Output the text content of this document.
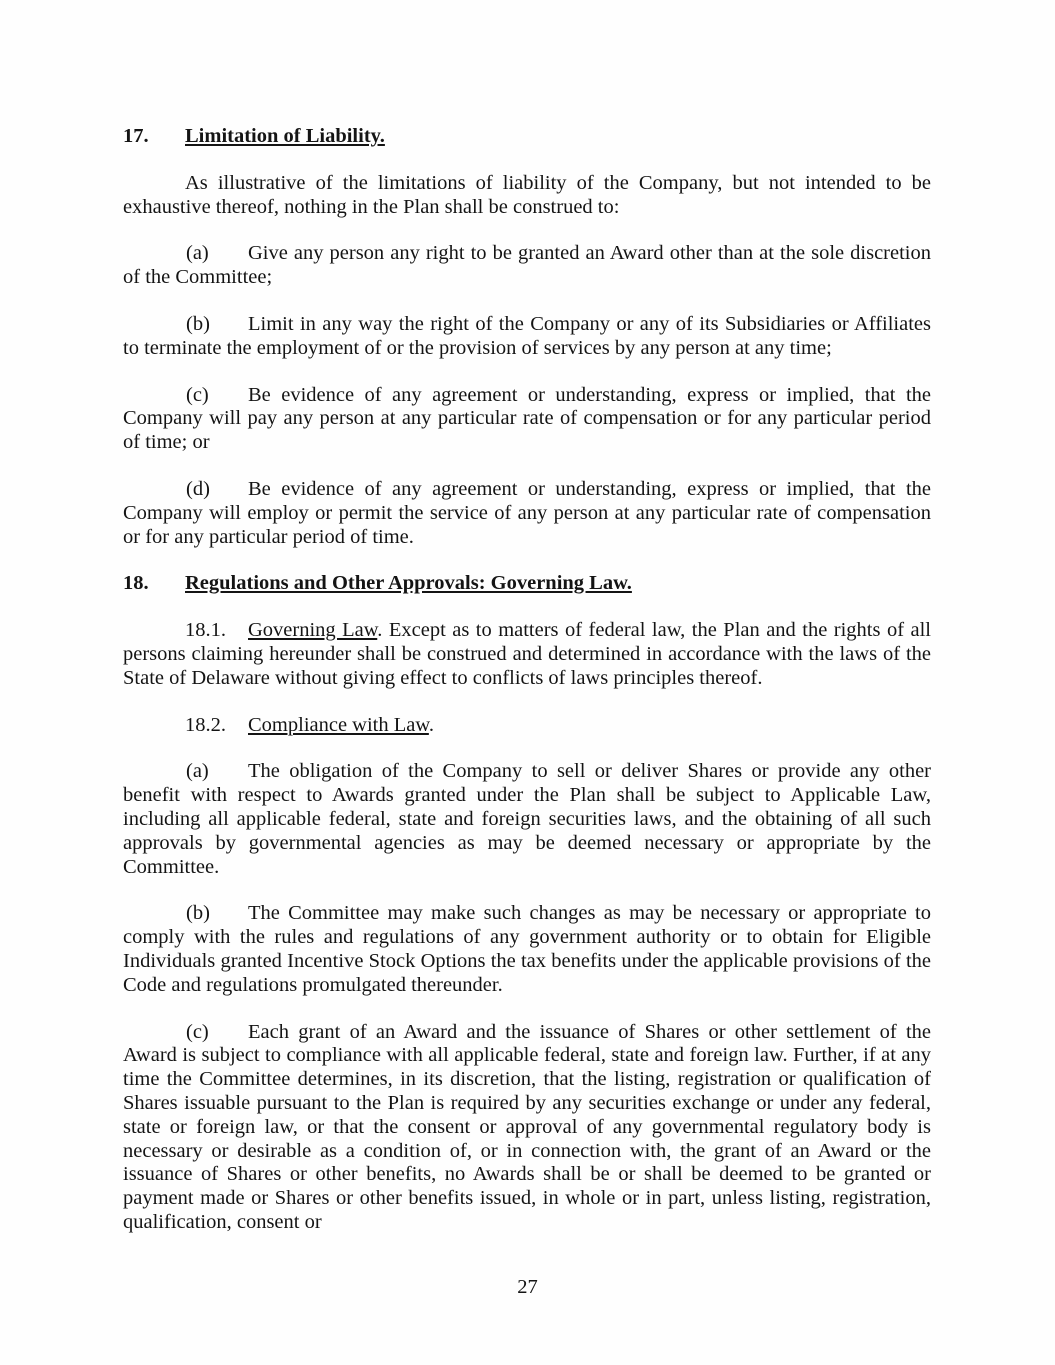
17. Limitation of Liability.

As illustrative of the limitations of liability of the Company, but not intended to be exhaustive thereof, nothing in the Plan shall be construed to:

(a) Give any person any right to be granted an Award other than at the sole discretion of the Committee;

(b) Limit in any way the right of the Company or any of its Subsidiaries or Affiliates to terminate the employment of or the provision of services by any person at any time;

(c) Be evidence of any agreement or understanding, express or implied, that the Company will pay any person at any particular rate of compensation or for any particular period of time; or

(d) Be evidence of any agreement or understanding, express or implied, that the Company will employ or permit the service of any person at any particular rate of compensation or for any particular period of time.

18. Regulations and Other Approvals: Governing Law.

18.1. Governing Law. Except as to matters of federal law, the Plan and the rights of all persons claiming hereunder shall be construed and determined in accordance with the laws of the State of Delaware without giving effect to conflicts of laws principles thereof.

18.2. Compliance with Law.

(a) The obligation of the Company to sell or deliver Shares or provide any other benefit with respect to Awards granted under the Plan shall be subject to Applicable Law, including all applicable federal, state and foreign securities laws, and the obtaining of all such approvals by governmental agencies as may be deemed necessary or appropriate by the Committee.

(b) The Committee may make such changes as may be necessary or appropriate to comply with the rules and regulations of any government authority or to obtain for Eligible Individuals granted Incentive Stock Options the tax benefits under the applicable provisions of the Code and regulations promulgated thereunder.

(c) Each grant of an Award and the issuance of Shares or other settlement of the Award is subject to compliance with all applicable federal, state and foreign law. Further, if at any time the Committee determines, in its discretion, that the listing, registration or qualification of Shares issuable pursuant to the Plan is required by any securities exchange or under any federal, state or foreign law, or that the consent or approval of any governmental regulatory body is necessary or desirable as a condition of, or in connection with, the grant of an Award or the issuance of Shares or other benefits, no Awards shall be or shall be deemed to be granted or payment made or Shares or other benefits issued, in whole or in part, unless listing, registration, qualification, consent or

27
